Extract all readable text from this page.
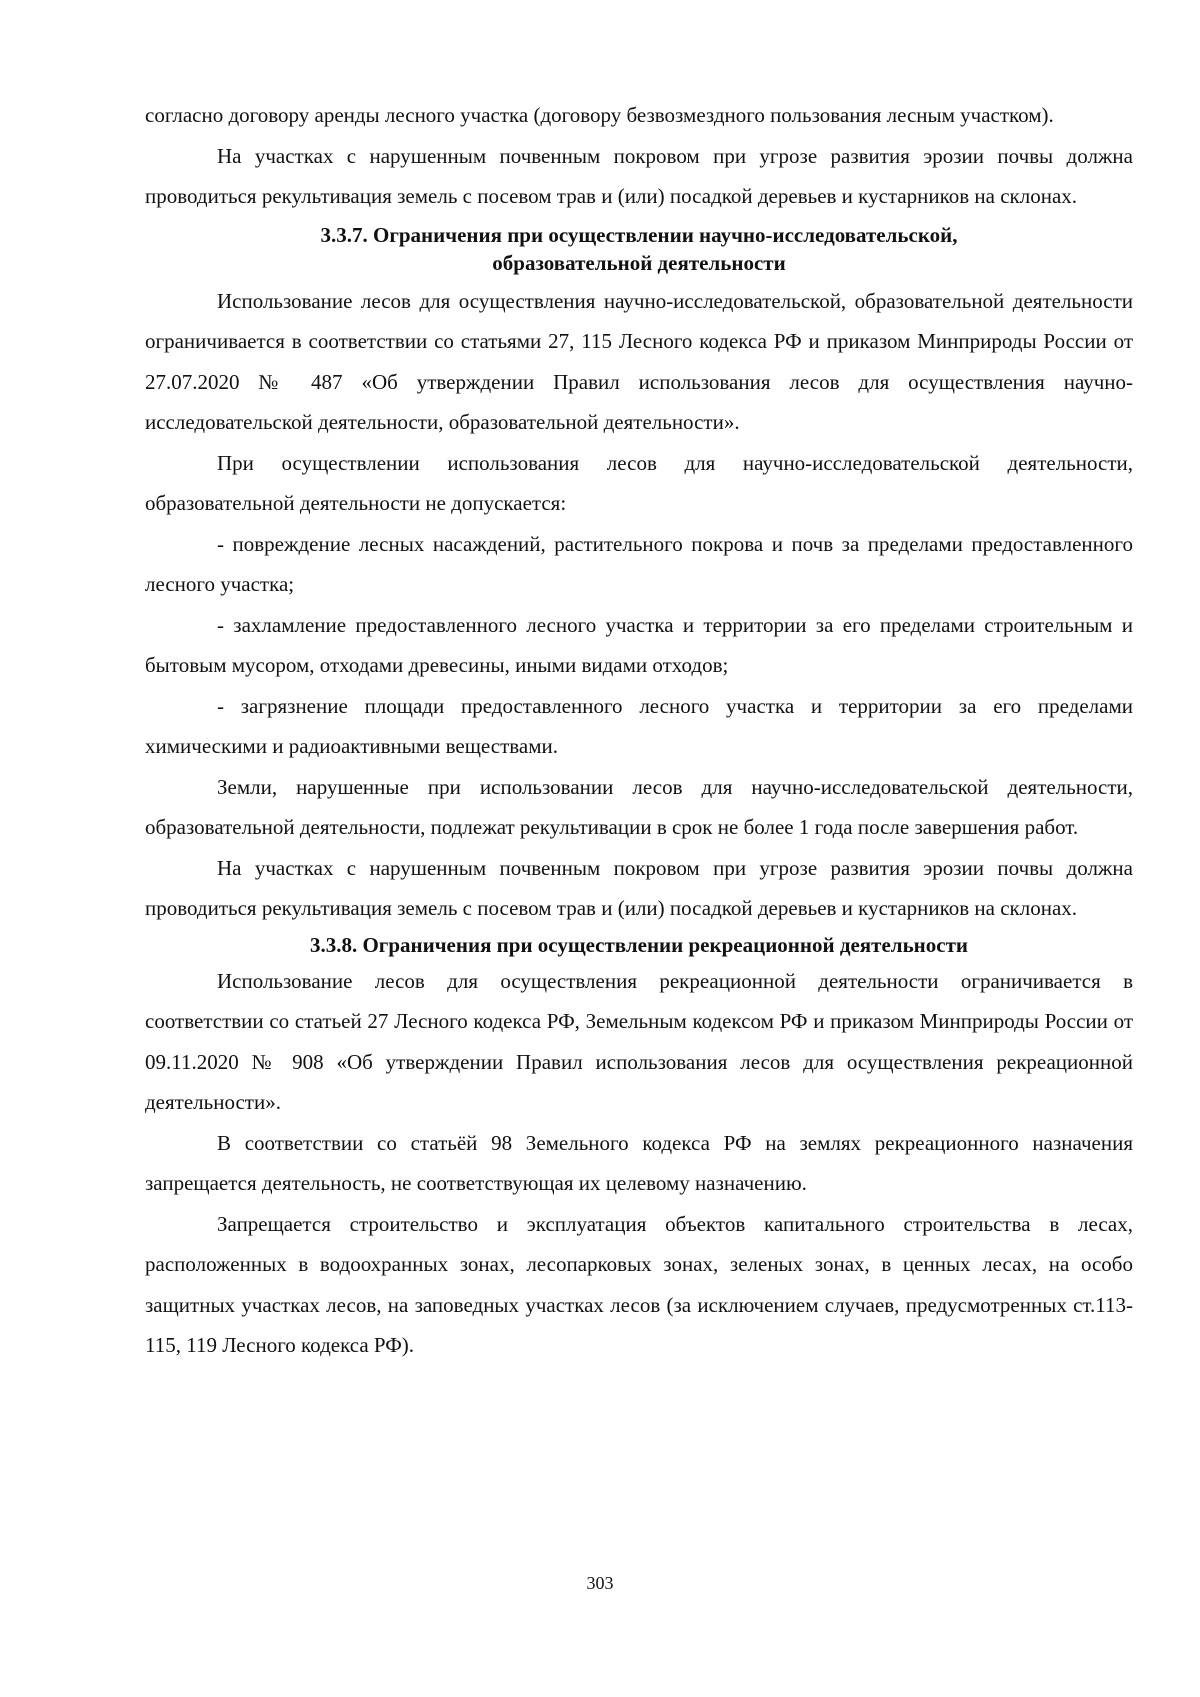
согласно договору аренды лесного участка (договору безвозмездного пользования лесным участком).

На участках с нарушенным почвенным покровом при угрозе развития эрозии почвы должна проводиться рекультивация земель с посевом трав и (или) посадкой деревьев и кустарников на склонах.

3.3.7. Ограничения при осуществлении научно-исследовательской,
образовательной деятельности

Использование лесов для осуществления научно-исследовательской, образовательной деятельности ограничивается в соответствии со статьями 27, 115 Лесного кодекса РФ и приказом Минприроды России от 27.07.2020 № 487 «Об утверждении Правил использования лесов для осуществления научно-исследовательской деятельности, образовательной деятельности».

При осуществлении использования лесов для научно-исследовательской деятельности, образовательной деятельности не допускается:

- повреждение лесных насаждений, растительного покрова и почв за пределами предоставленного лесного участка;

- захламление предоставленного лесного участка и территории за его пределами строительным и бытовым мусором, отходами древесины, иными видами отходов;

- загрязнение площади предоставленного лесного участка и территории за его пределами химическими и радиоактивными веществами.

Земли, нарушенные при использовании лесов для научно-исследовательской деятельности, образовательной деятельности, подлежат рекультивации в срок не более 1 года после завершения работ.

На участках с нарушенным почвенным покровом при угрозе развития эрозии почвы должна проводиться рекультивация земель с посевом трав и (или) посадкой деревьев и кустарников на склонах.

3.3.8. Ограничения при осуществлении рекреационной деятельности

Использование лесов для осуществления рекреационной деятельности ограничивается в соответствии со статьей 27 Лесного кодекса РФ, Земельным кодексом РФ и приказом Минприроды России от 09.11.2020 № 908 «Об утверждении Правил использования лесов для осуществления рекреационной деятельности».

В соответствии со статьёй 98 Земельного кодекса РФ на землях рекреационного назначения запрещается деятельность, не соответствующая их целевому назначению.

Запрещается строительство и эксплуатация объектов капитального строительства в лесах, расположенных в водоохранных зонах, лесопарковых зонах, зеленых зонах, в ценных лесах, на особо защитных участках лесов, на заповедных участках лесов (за исключением случаев, предусмотренных ст.113-115, 119 Лесного кодекса РФ).

303
